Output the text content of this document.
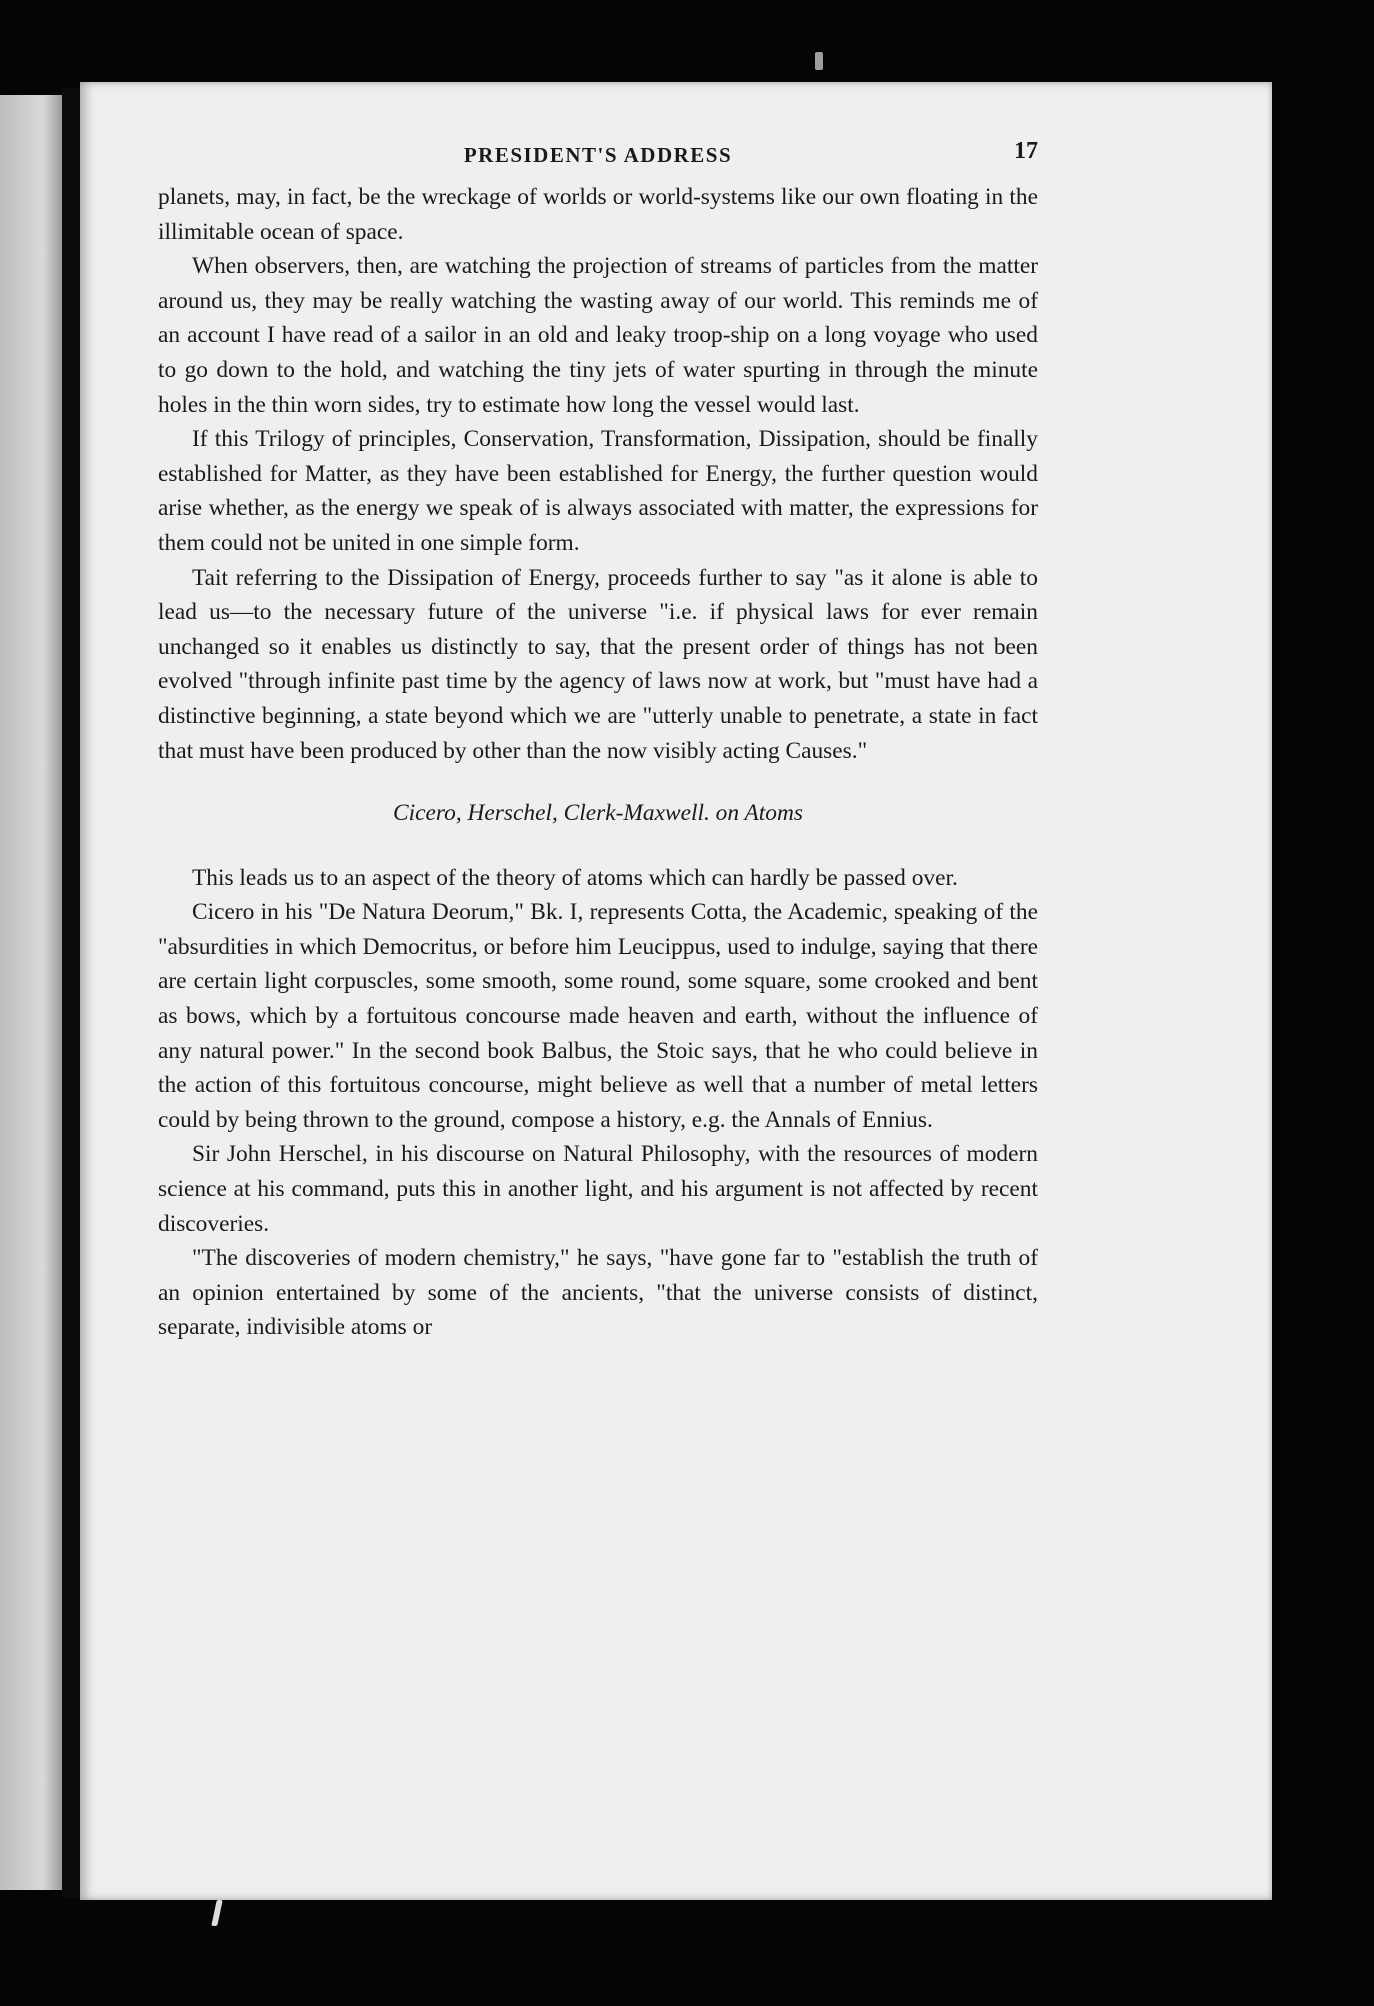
PRESIDENT'S ADDRESS	17

planets, may, in fact, be the wreckage of worlds or world-systems like our own floating in the illimitable ocean of space.

When observers, then, are watching the projection of streams of particles from the matter around us, they may be really watching the wasting away of our world. This reminds me of an account I have read of a sailor in an old and leaky troop-ship on a long voyage who used to go down to the hold, and watching the tiny jets of water spurting in through the minute holes in the thin worn sides, try to estimate how long the vessel would last.

If this Trilogy of principles, Conservation, Transformation, Dissipation, should be finally established for Matter, as they have been established for Energy, the further question would arise whether, as the energy we speak of is always associated with matter, the expressions for them could not be united in one simple form.

Tait referring to the Dissipation of Energy, proceeds further to say "as it alone is able to lead us—to the necessary future of the universe "i.e. if physical laws for ever remain unchanged so it enables us distinctly to say, that the present order of things has not been evolved "through infinite past time by the agency of laws now at work, but "must have had a distinctive beginning, a state beyond which we are "utterly unable to penetrate, a state in fact that must have been produced by other than the now visibly acting Causes."

Cicero, Herschel, Clerk-Maxwell. on Atoms

This leads us to an aspect of the theory of atoms which can hardly be passed over.

Cicero in his "De Natura Deorum," Bk. I, represents Cotta, the Academic, speaking of the "absurdities in which Democritus, or before him Leucippus, used to indulge, saying that there are certain light corpuscles, some smooth, some round, some square, some crooked and bent as bows, which by a fortuitous concourse made heaven and earth, without the influence of any natural power." In the second book Balbus, the Stoic says, that he who could believe in the action of this fortuitous concourse, might believe as well that a number of metal letters could by being thrown to the ground, compose a history, e.g. the Annals of Ennius.

Sir John Herschel, in his discourse on Natural Philosophy, with the resources of modern science at his command, puts this in another light, and his argument is not affected by recent discoveries.

"The discoveries of modern chemistry," he says, "have gone far to "establish the truth of an opinion entertained by some of the ancients, "that the universe consists of distinct, separate, indivisible atoms or
